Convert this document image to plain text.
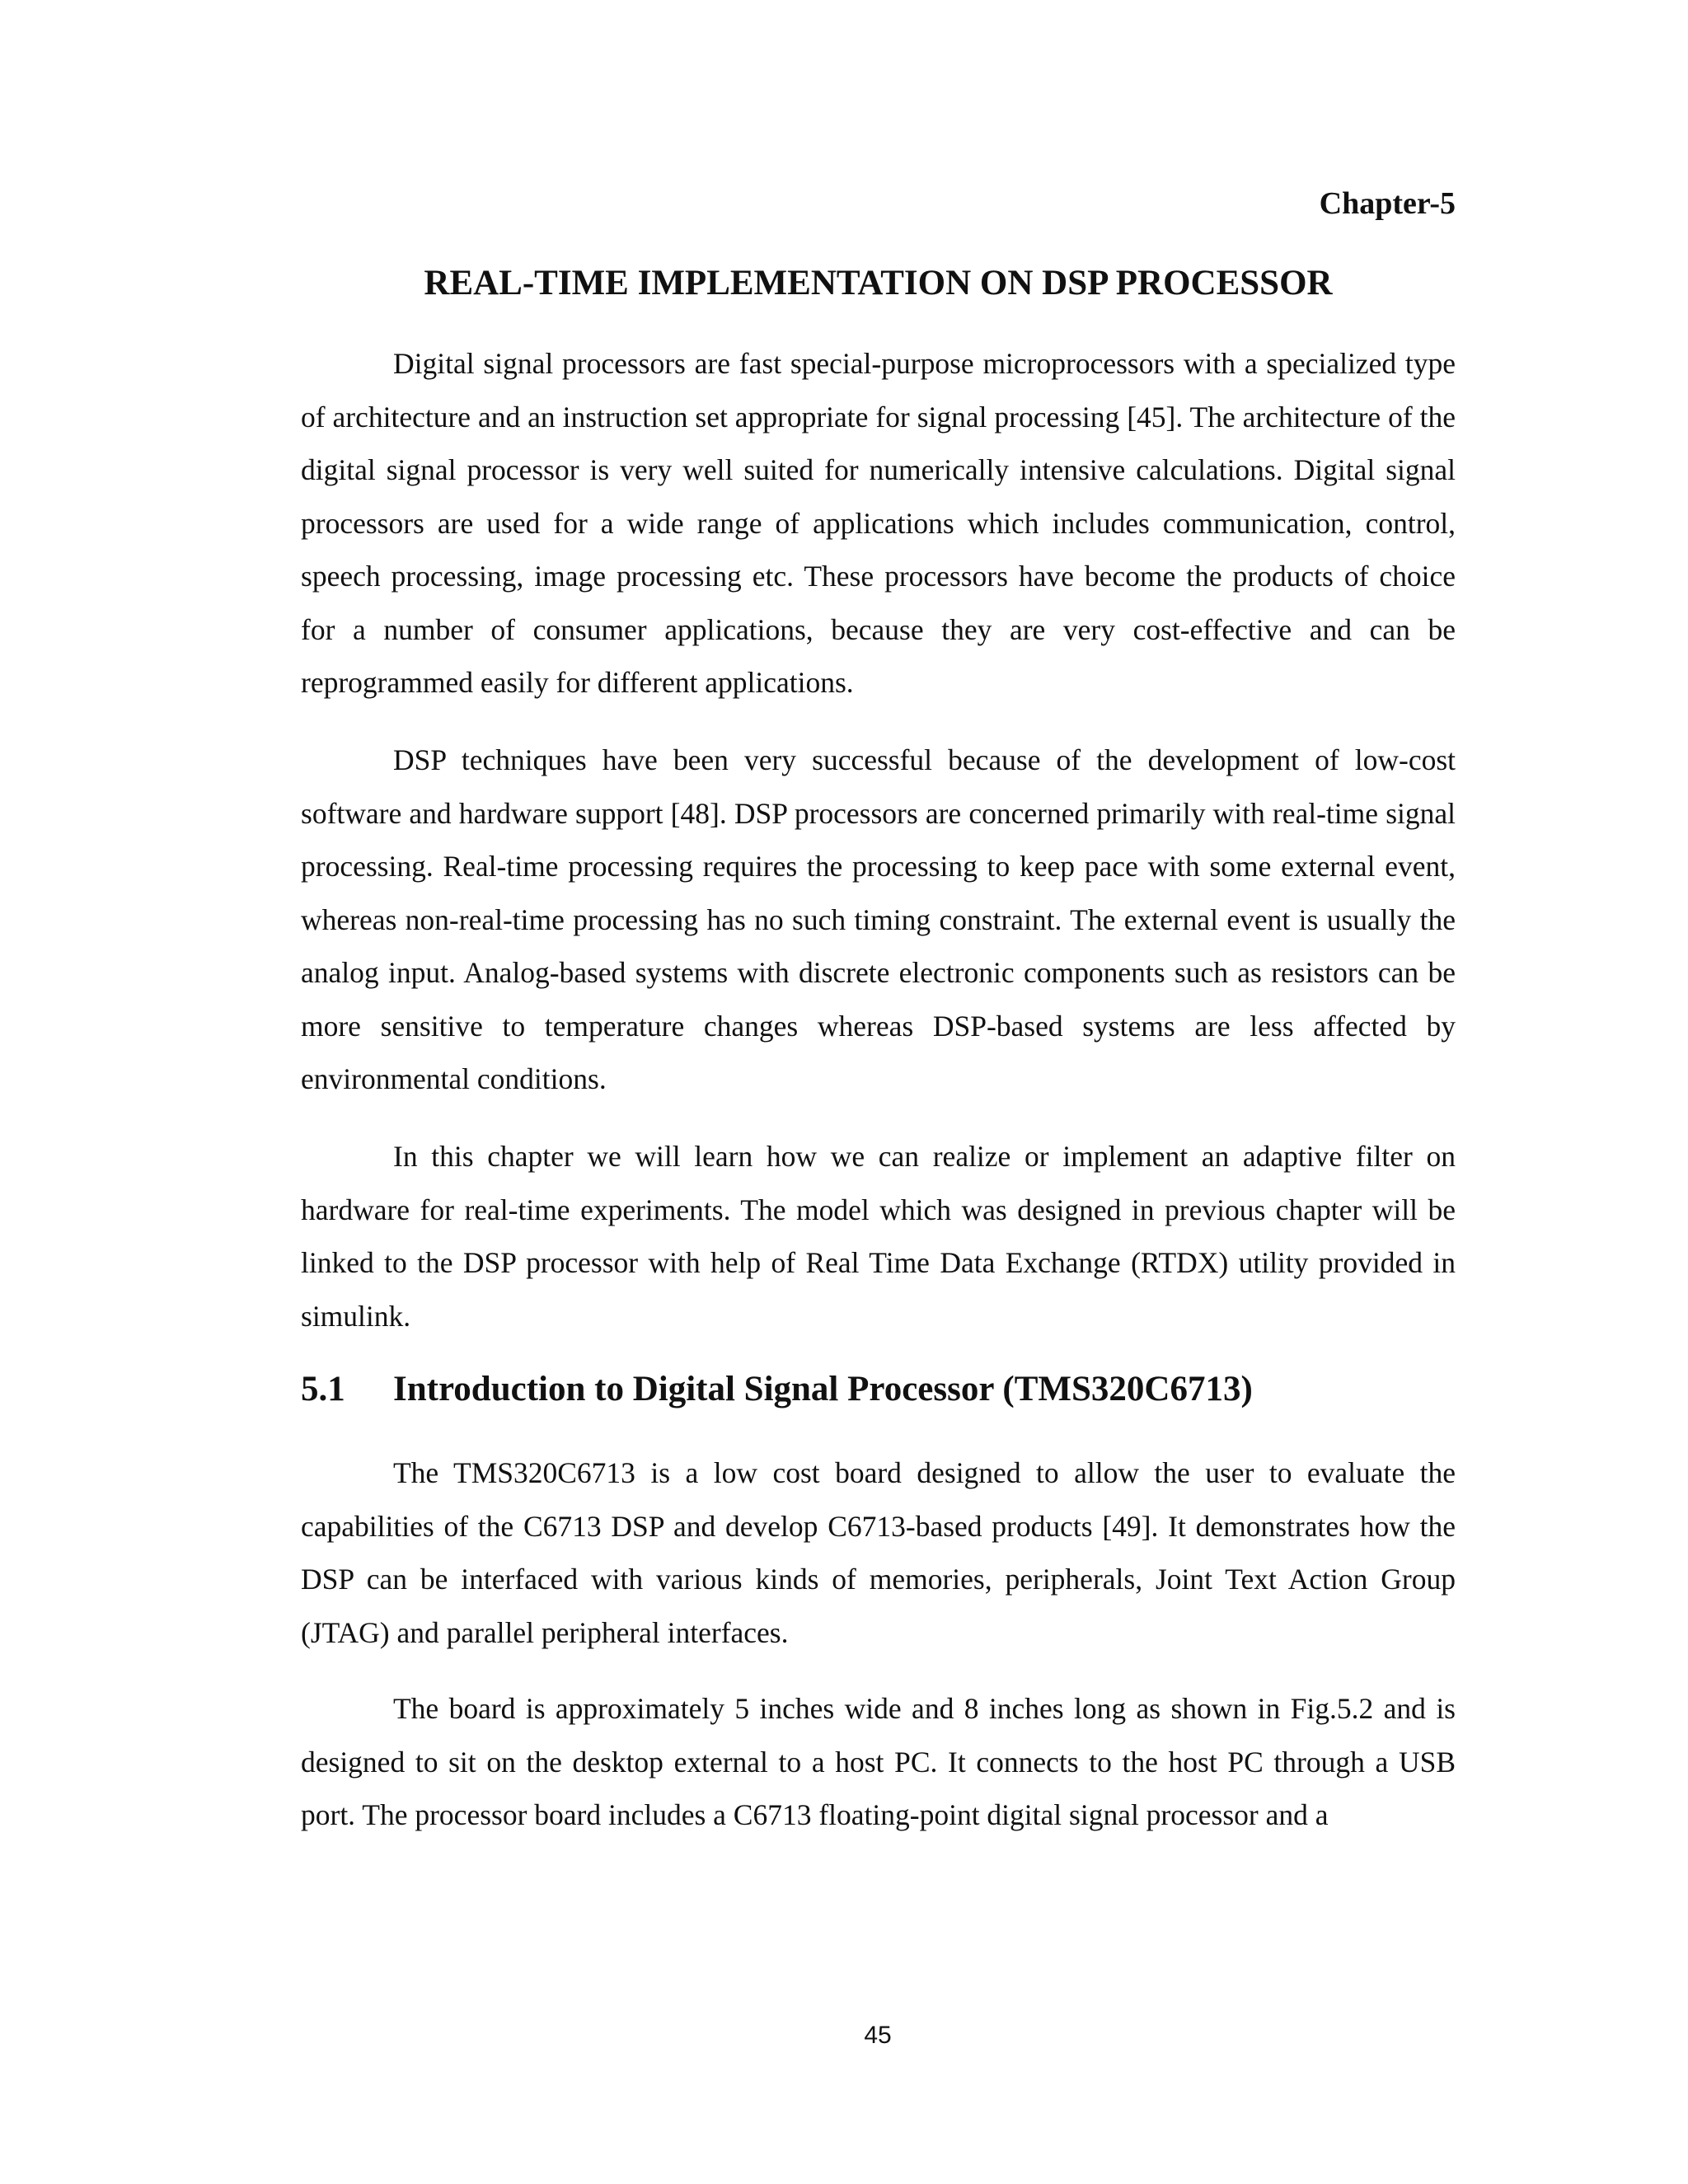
Chapter-5
REAL-TIME IMPLEMENTATION ON DSP PROCESSOR

Digital signal processors are fast special-purpose microprocessors with a specialized type of architecture and an instruction set appropriate for signal processing [45]. The architecture of the digital signal processor is very well suited for numerically intensive calculations. Digital signal processors are used for a wide range of applications which includes communication, control, speech processing, image processing etc. These processors have become the products of choice for a number of consumer applications, because they are very cost-effective and can be reprogrammed easily for different applications.

DSP techniques have been very successful because of the development of low-cost software and hardware support [48]. DSP processors are concerned primarily with real-time signal processing. Real-time processing requires the processing to keep pace with some external event, whereas non-real-time processing has no such timing constraint. The external event is usually the analog input. Analog-based systems with discrete electronic components such as resistors can be more sensitive to temperature changes whereas DSP-based systems are less affected by environmental conditions.

In this chapter we will learn how we can realize or implement an adaptive filter on hardware for real-time experiments. The model which was designed in previous chapter will be linked to the DSP processor with help of Real Time Data Exchange (RTDX) utility provided in simulink.

5.1 Introduction to Digital Signal Processor (TMS320C6713)

The TMS320C6713 is a low cost board designed to allow the user to evaluate the capabilities of the C6713 DSP and develop C6713-based products [49]. It demonstrates how the DSP can be interfaced with various kinds of memories, peripherals, Joint Text Action Group (JTAG) and parallel peripheral interfaces.

The board is approximately 5 inches wide and 8 inches long as shown in Fig.5.2 and is designed to sit on the desktop external to a host PC. It connects to the host PC through a USB port. The processor board includes a C6713 floating-point digital signal processor and a

45
